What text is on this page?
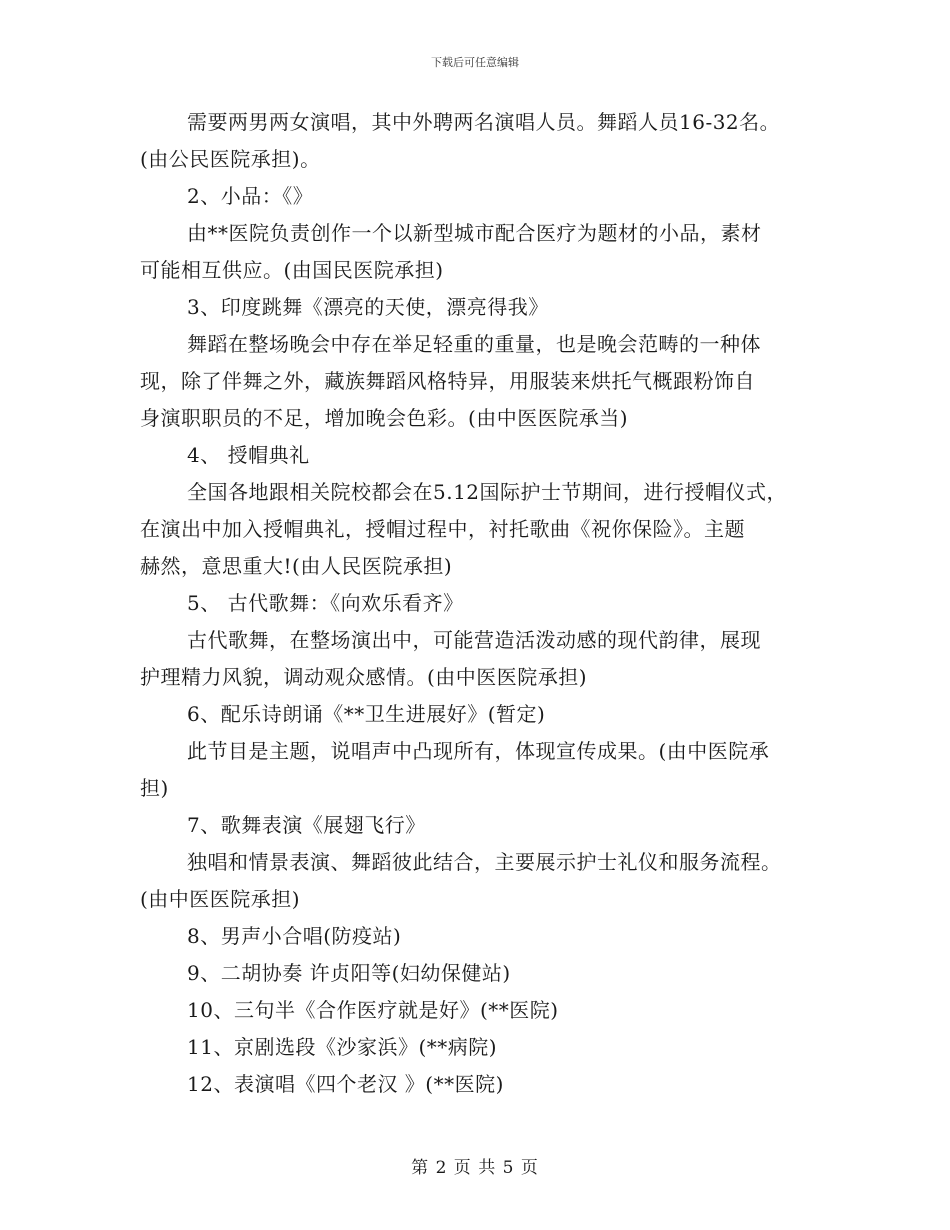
下载后可任意编辑

需要两男两女演唱，其中外聘两名演唱人员。舞蹈人员16-32名。
(由公民医院承担)。

2、小品：《》

由**医院负责创作一个以新型城市配合医疗为题材的小品，素材
可能相互供应。(由国民医院承担)

3、印度跳舞《漂亮的天使，漂亮得我》

舞蹈在整场晚会中存在举足轻重的重量，也是晚会范畴的一种体
现，除了伴舞之外，藏族舞蹈风格特异，用服装来烘托气概跟粉饰自
身演职职员的不足，增加晚会色彩。(由中医医院承当)

4、 授帽典礼

全国各地跟相关院校都会在5.12国际护士节期间，进行授帽仪式，
在演出中加入授帽典礼，授帽过程中，衬托歌曲《祝你保险》。主题
赫然，意思重大!(由人民医院承担)

5、 古代歌舞：《向欢乐看齐》

古代歌舞，在整场演出中，可能营造活泼动感的现代韵律，展现
护理精力风貌，调动观众感情。(由中医医院承担)

6、配乐诗朗诵《**卫生进展好》(暂定)

此节目是主题，说唱声中凸现所有，体现宣传成果。(由中医院承
担)

7、歌舞表演《展翅飞行》

独唱和情景表演、舞蹈彼此结合，主要展示护士礼仪和服务流程。
(由中医医院承担)

8、男声小合唱(防疫站)

9、二胡协奏 许贞阳等(妇幼保健站)

10、三句半《合作医疗就是好》(**医院)

11、京剧选段《沙家浜》(**病院)

12、表演唱《四个老汉 》(**医院)

第 2 页 共 5 页
